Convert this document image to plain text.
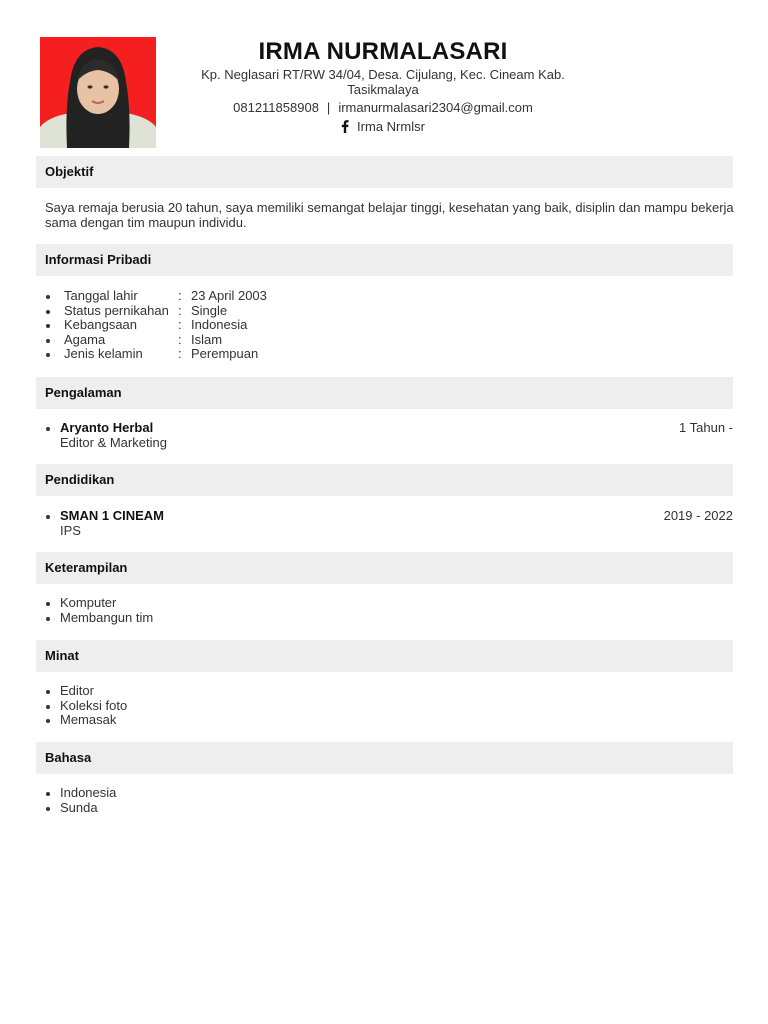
IRMA NURMALASARI
Kp. Neglasari RT/RW 34/04, Desa. Cijulang, Kec. Cineam Kab. Tasikmalaya
081211858908 | irmanurmalasari2304@gmail.com
Irma Nrmlsr
Objektif
Saya remaja berusia 20 tahun, saya memiliki semangat belajar tinggi, kesehatan yang baik, disiplin dan mampu bekerja sama dengan tim maupun individu.
Informasi Pribadi
Tanggal lahir	: 23 April 2003
Status pernikahan : Single
Kebangsaan	: Indonesia
Agama	: Islam
Jenis kelamin	: Perempuan
Pengalaman
Aryanto Herbal
Editor & Marketing
1 Tahun -
Pendidikan
SMAN 1 CINEAM
IPS
2019 - 2022
Keterampilan
Komputer
Membangun tim
Minat
Editor
Koleksi foto
Memasak
Bahasa
Indonesia
Sunda
